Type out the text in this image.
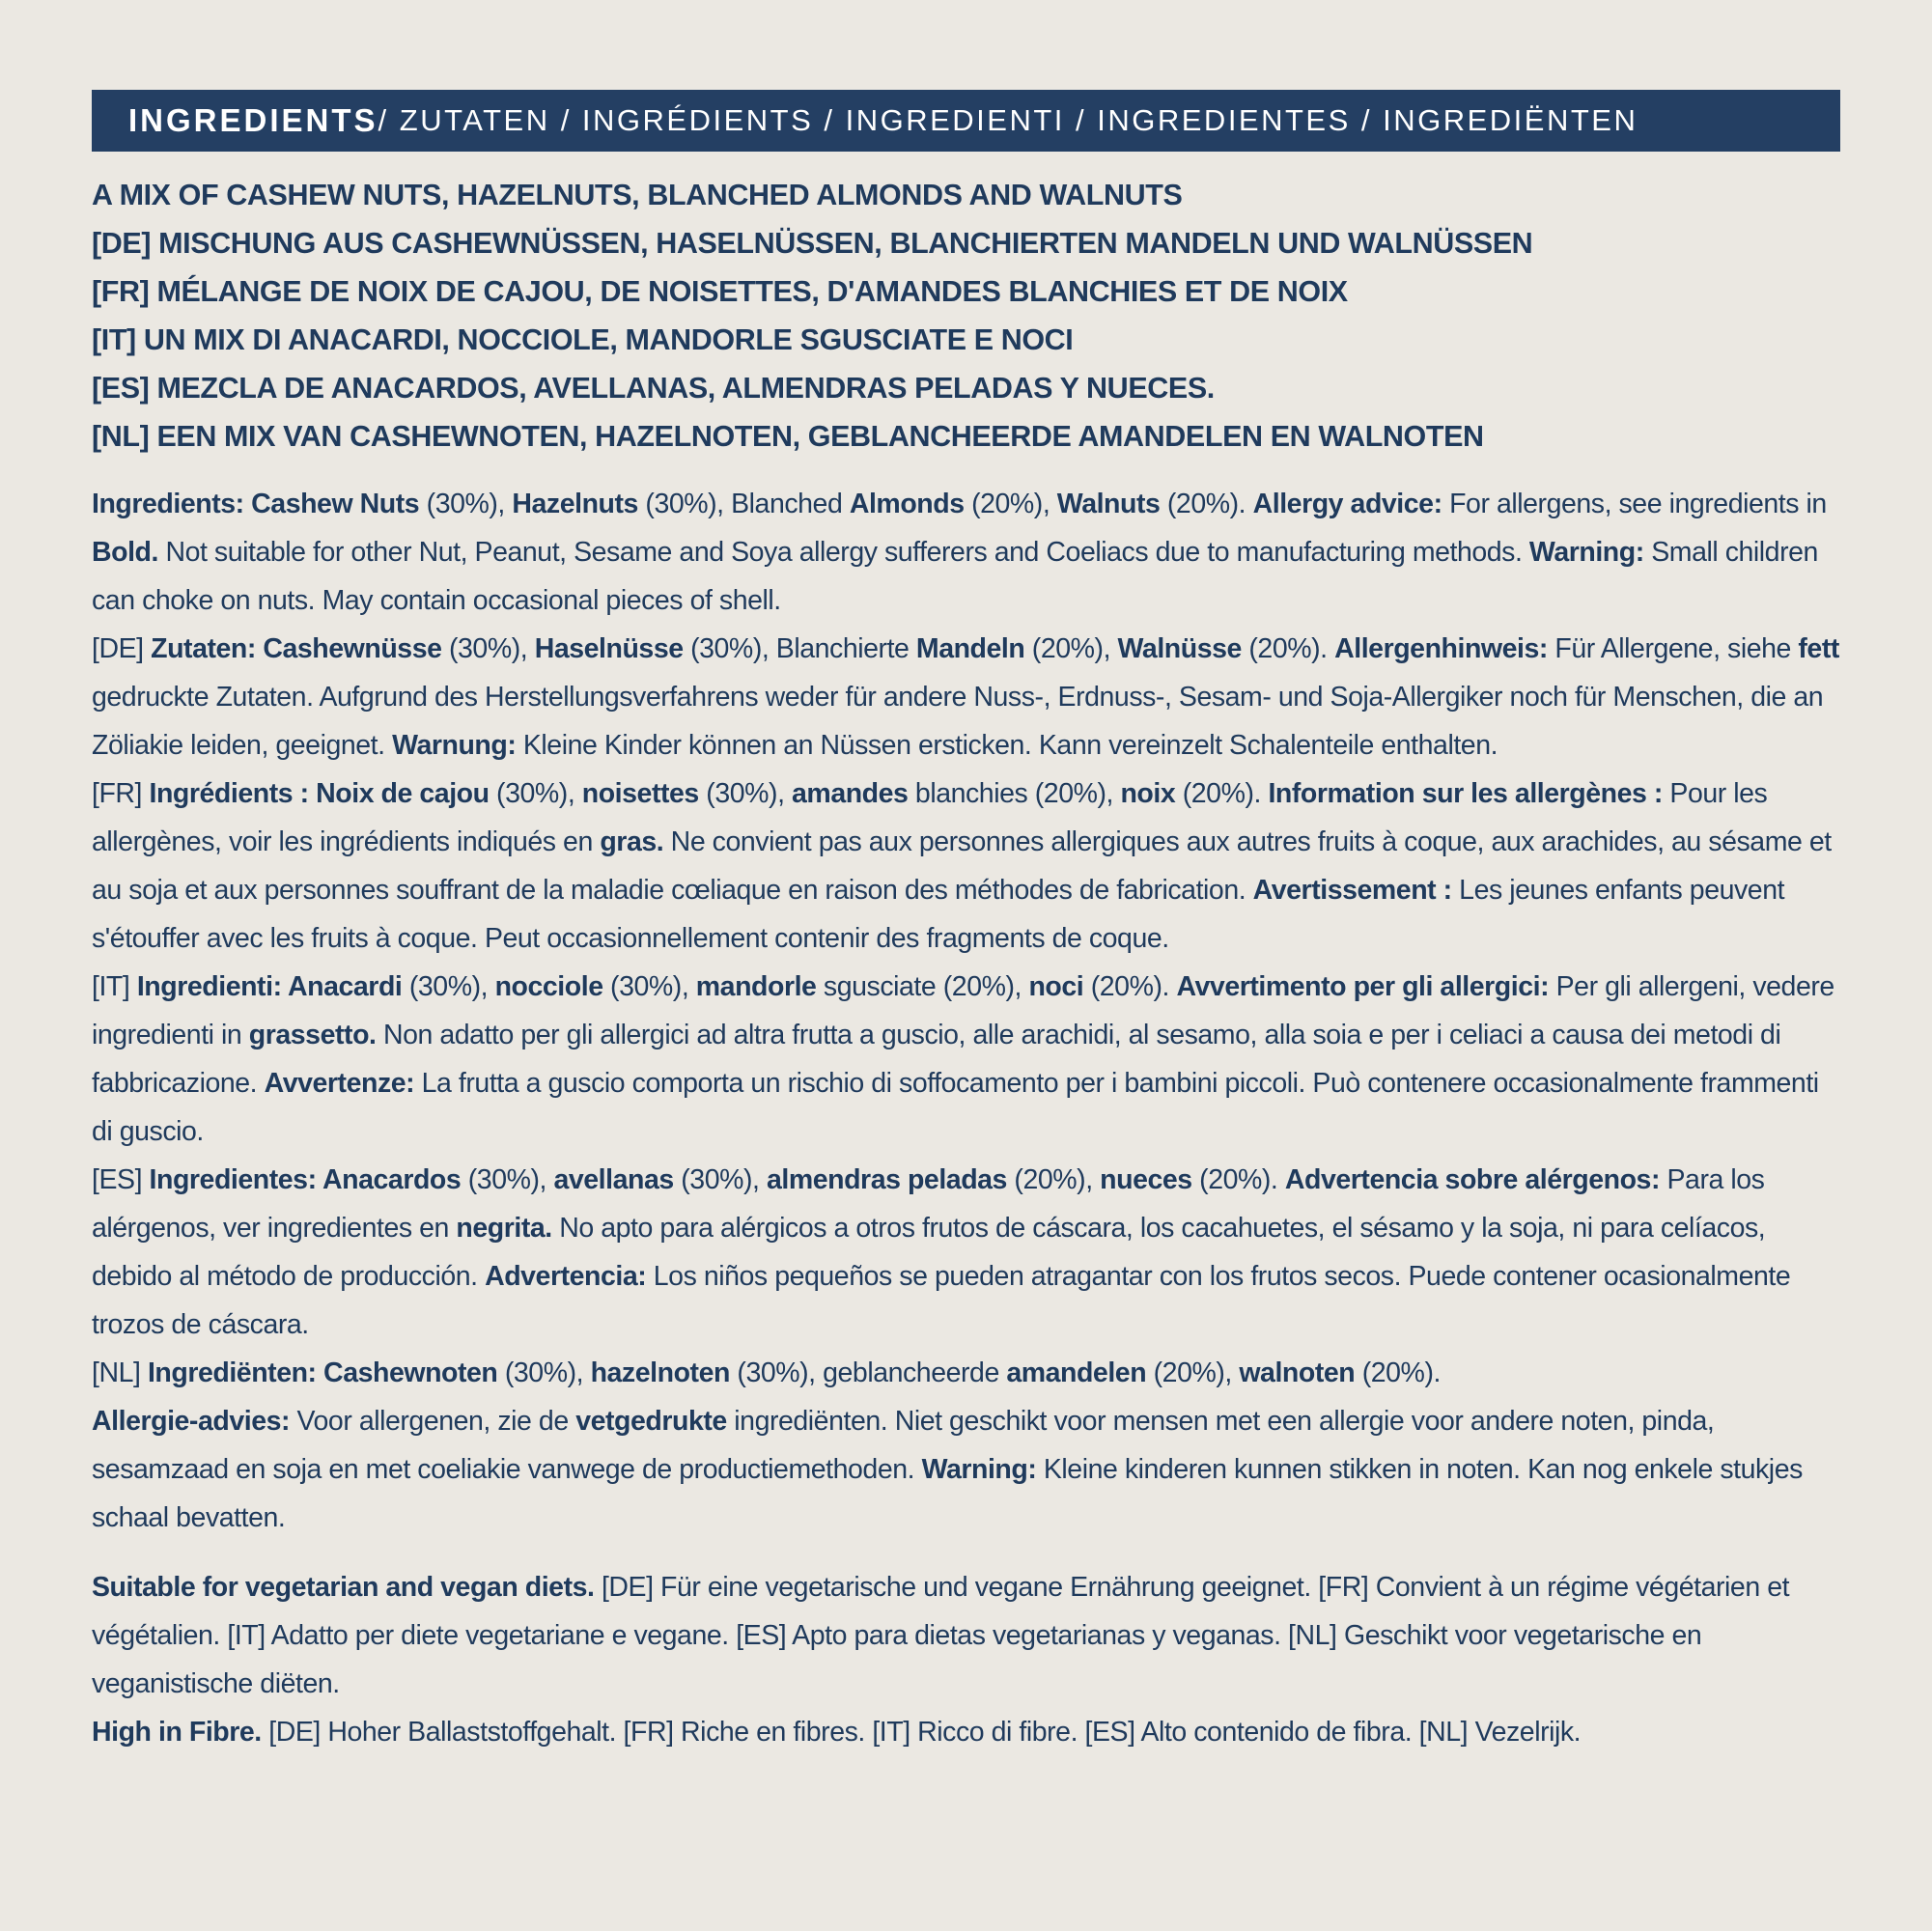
INGREDIENTS / ZUTATEN / INGRÉDIENTS / INGREDIENTI / INGREDIENTES / INGREDIËNTEN
A MIX OF CASHEW NUTS, HAZELNUTS, BLANCHED ALMONDS AND WALNUTS
[DE] MISCHUNG AUS CASHEWNÜSSEN, HASELNÜSSEN, BLANCHIERTEN MANDELN UND WALNÜSSEN
[FR] MÉLANGE DE NOIX DE CAJOU, DE NOISETTES, D'AMANDES BLANCHIES ET DE NOIX
[IT] UN MIX DI ANACARDI, NOCCIOLE, MANDORLE SGUSCIATE E NOCI
[ES] MEZCLA DE ANACARDOS, AVELLANAS, ALMENDRAS PELADAS Y NUECES.
[NL] EEN MIX VAN CASHEWNOTEN, HAZELNOTEN, GEBLANCHEERDE AMANDELEN EN WALNOTEN

Ingredients: Cashew Nuts (30%), Hazelnuts (30%), Blanched Almonds (20%), Walnuts (20%). Allergy advice: For allergens, see ingredients in Bold. Not suitable for other Nut, Peanut, Sesame and Soya allergy sufferers and Coeliacs due to manufacturing methods. Warning: Small children can choke on nuts. May contain occasional pieces of shell.

[DE] Zutaten: Cashewnüsse (30%), Haselnüsse (30%), Blanchierte Mandeln (20%), Walnüsse (20%). Allergenhinweis: Für Allergene, siehe fett gedruckte Zutaten. Aufgrund des Herstellungsverfahrens weder für andere Nuss-, Erdnuss-, Sesam- und Soja-Allergiker noch für Menschen, die an Zöliakie leiden, geeignet. Warnung: Kleine Kinder können an Nüssen ersticken. Kann vereinzelt Schalenteile enthalten.

[FR] Ingrédients : Noix de cajou (30%), noisettes (30%), amandes blanchies (20%), noix (20%). Information sur les allergènes : Pour les allergènes, voir les ingrédients indiqués en gras. Ne convient pas aux personnes allergiques aux autres fruits à coque, aux arachides, au sésame et au soja et aux personnes souffrant de la maladie cœliaque en raison des méthodes de fabrication. Avertissement : Les jeunes enfants peuvent s'étouffer avec les fruits à coque. Peut occasionnellement contenir des fragments de coque.

[IT] Ingredienti: Anacardi (30%), nocciole (30%), mandorle sgusciate (20%), noci (20%). Avvertimento per gli allergici: Per gli allergeni, vedere ingredienti in grassetto. Non adatto per gli allergici ad altra frutta a guscio, alle arachidi, al sesamo, alla soia e per i celiaci a causa dei metodi di fabbricazione. Avvertenze: La frutta a guscio comporta un rischio di soffocamento per i bambini piccoli. Può contenere occasionalmente frammenti di guscio.

[ES] Ingredientes: Anacardos (30%), avellanas (30%), almendras peladas (20%), nueces (20%). Advertencia sobre alérgenos: Para los alérgenos, ver ingredientes en negrita. No apto para alérgicos a otros frutos de cáscara, los cacahuetes, el sésamo y la soja, ni para celíacos, debido al método de producción. Advertencia: Los niños pequeños se pueden atragantar con los frutos secos. Puede contener ocasionalmente trozos de cáscara.

[NL] Ingrediënten: Cashewnoten (30%), hazelnoten (30%), geblancheerde amandelen (20%), walnoten (20%).

Allergie-advies: Voor allergenen, zie de vetgedrukte ingrediënten. Niet geschikt voor mensen met een allergie voor andere noten, pinda, sesamzaad en soja en met coeliakie vanwege de productiemethoden. Warning: Kleine kinderen kunnen stikken in noten. Kan nog enkele stukjes schaal bevatten.

Suitable for vegetarian and vegan diets. [DE] Für eine vegetarische und vegane Ernährung geeignet. [FR] Convient à un régime végétarien et végétalien. [IT] Adatto per diete vegetariane e vegane. [ES] Apto para dietas vegetarianas y veganas. [NL] Geschikt voor vegetarische en veganistische diëten.

High in Fibre. [DE] Hoher Ballaststoffgehalt. [FR] Riche en fibres. [IT] Ricco di fibre. [ES] Alto contenido de fibra. [NL] Vezelrijk.
